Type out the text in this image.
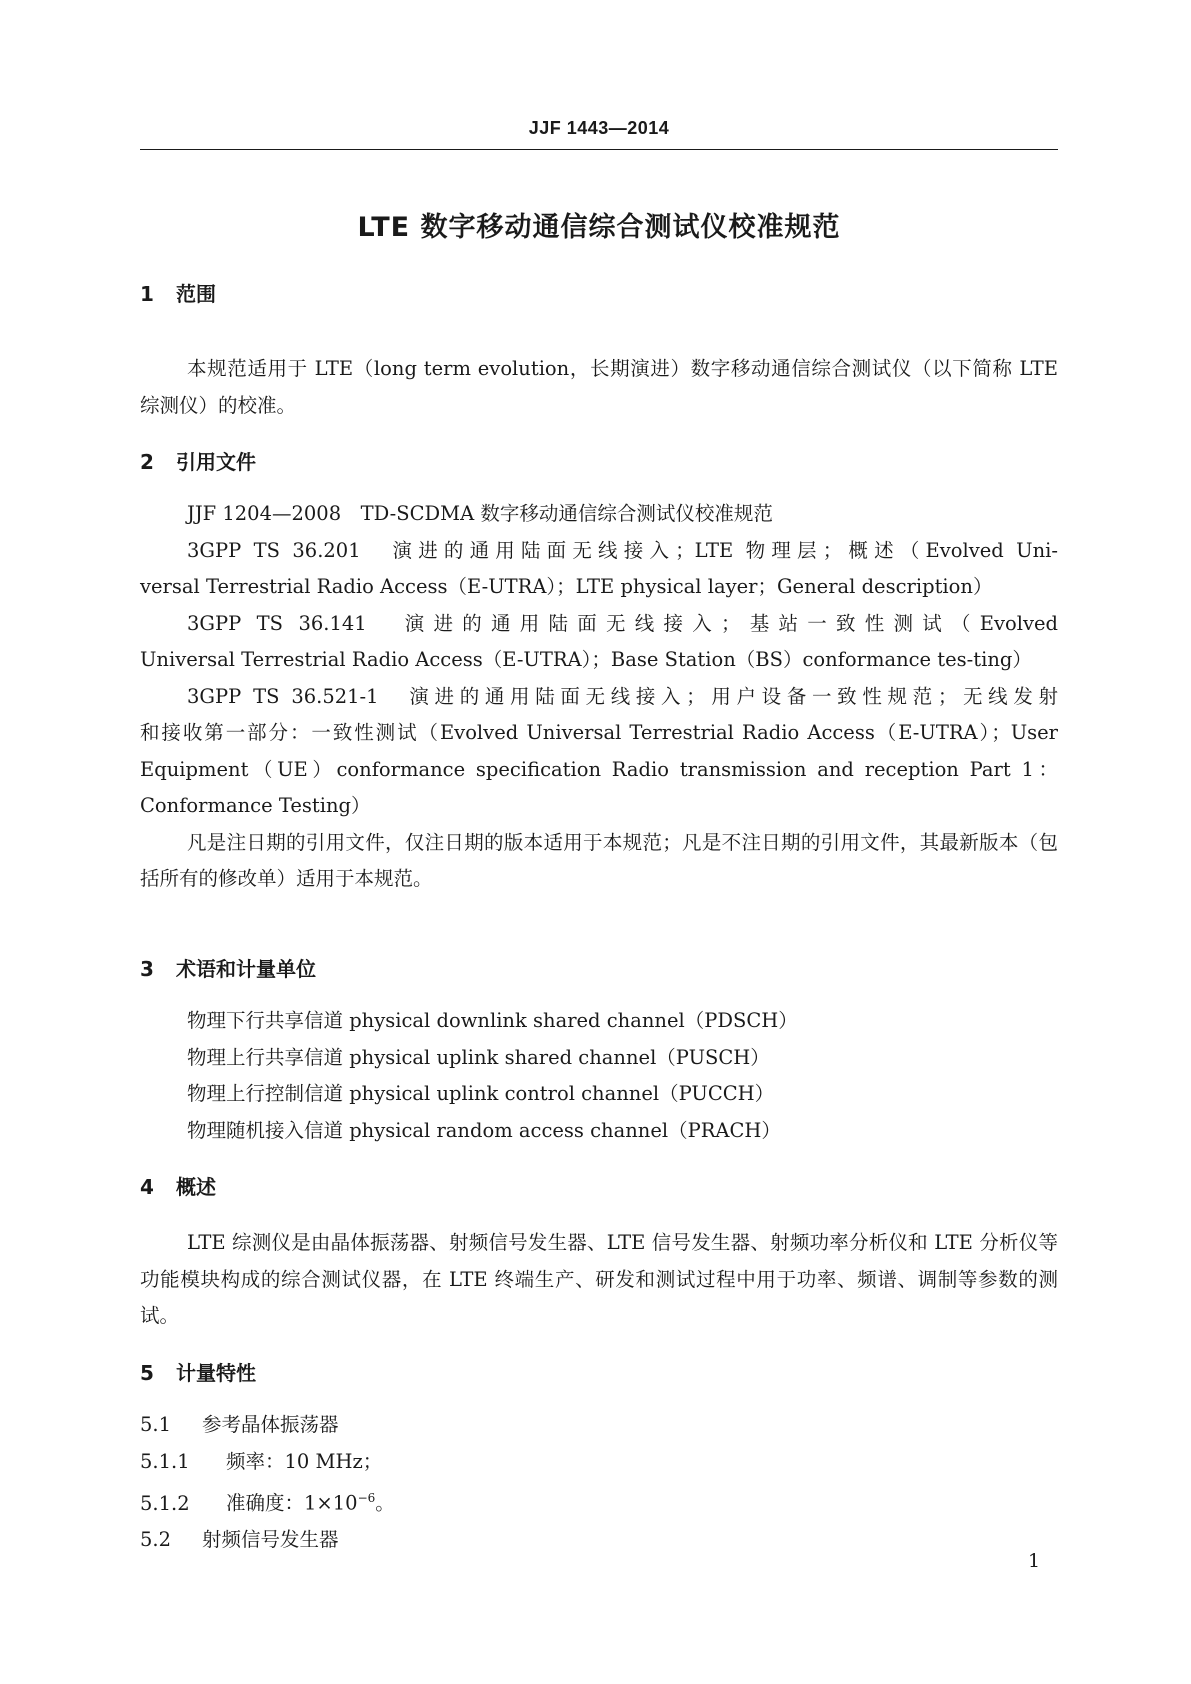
JJF 1443—2014
LTE 数字移动通信综合测试仪校准规范
1 范围

本规范适用于 LTE（long term evolution，长期演进）数字移动通信综合测试仪（以下简称 LTE 综测仪）的校准。

2 引用文件

JJF 1204—2008　TD-SCDMA 数字移动通信综合测试仪校准规范

3GPP TS 36.201　演进的通用陆面无线接入；LTE 物理层；概述（Evolved Uni-
versal Terrestrial Radio Access（E-UTRA）；LTE physical layer；General description）

3GPP TS 36.141　演进的通用陆面无线接入；基站一致性测试（Evolved
Universal Terrestrial Radio Access（E-UTRA）；Base Station（BS）conformance tes-ting）

3GPP TS 36.521-1　演进的通用陆面无线接入；用户设备一致性规范；无线发射
和接收第一部分：一致性测试（Evolved Universal Terrestrial Radio Access（E-UTRA）；User Equipment（UE）conformance specification Radio transmission and reception Part 1：Conformance Testing）

凡是注日期的引用文件，仅注日期的版本适用于本规范；凡是不注日期的引用文件，其最新版本（包括所有的修改单）适用于本规范。

3 术语和计量单位

物理下行共享信道 physical downlink shared channel（PDSCH）

物理上行共享信道 physical uplink shared channel（PUSCH）

物理上行控制信道 physical uplink control channel（PUCCH）

物理随机接入信道 physical random access channel（PRACH）

4 概述

LTE 综测仪是由晶体振荡器、射频信号发生器、LTE 信号发生器、射频功率分析仪和 LTE 分析仪等功能模块构成的综合测试仪器，在 LTE 终端生产、研发和测试过程中用于功率、频谱、调制等参数的测试。

5 计量特性

5.1 参考晶体振荡器

5.1.1 频率：10 MHz；

5.1.2 准确度：$1\times 10^{-6}$。

5.2 射频信号发生器

1
